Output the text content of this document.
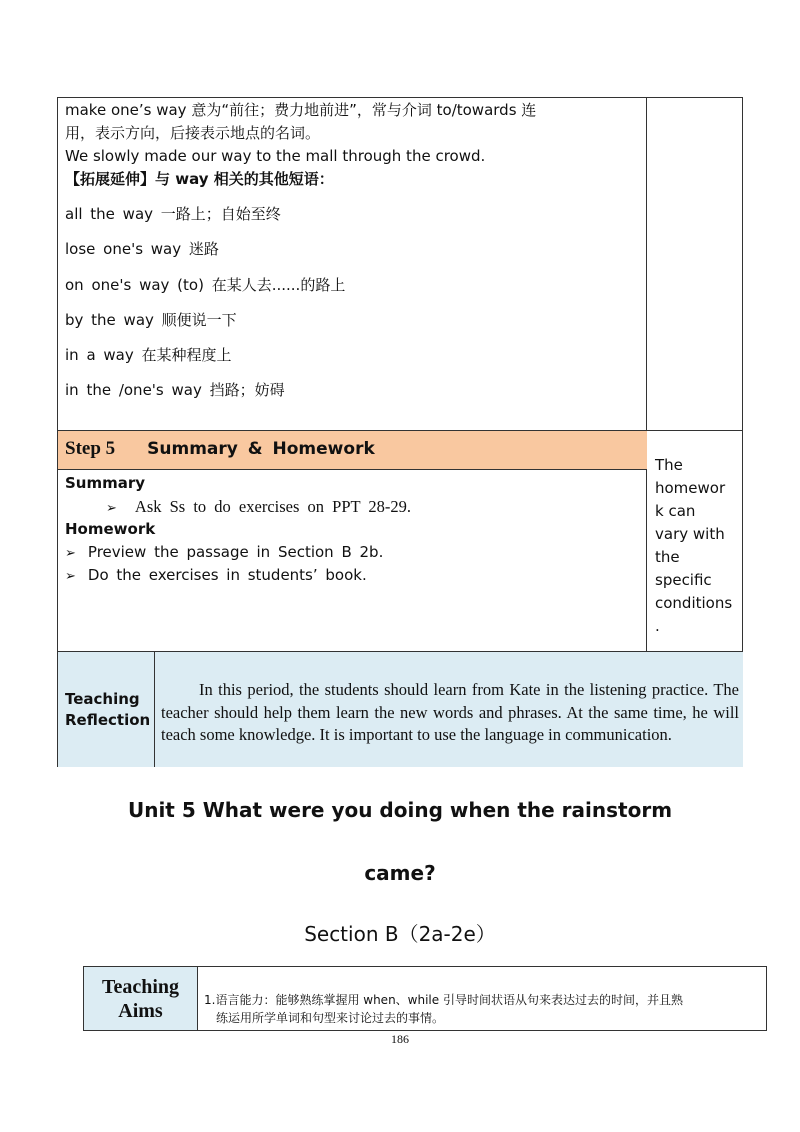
make one’s way 意为“前往；费力地前进”，常与介词 to/towards 连
用，表示方向，后接表示地点的名词。
We slowly made our way to the mall through the crowd.
【拓展延伸】与 way 相关的其他短语：
all the way 一路上；自始至终
lose one's way 迷路
on one's way (to) 在某人去......的路上
by the way 顺便说一下
in a way 在某种程度上
in the /one's way 挡路；妨碍
Step 5 Summary & Homework
Summary
➢ Ask Ss to do exercises on PPT 28-29.
Homework
➢ Preview the passage in Section B 2b.
➢ Do the exercises in students’ book.
The
homewor
k can
vary with
the
specific
conditions
.
Teaching
Reflection
In this period, the students should learn from Kate in the listening practice. The teacher should help them learn the new words and phrases. At the same time, he will teach some knowledge. It is important to use the language in communication.
Unit 5 What were you doing when the rainstorm
came?
Section B（2a-2e）
Teaching
Aims	1.语言能力：能够熟练掌握用 when、while 引导时间状语从句来表达过去的时间，并且熟
练运用所学单词和句型来讨论过去的事情。
186
